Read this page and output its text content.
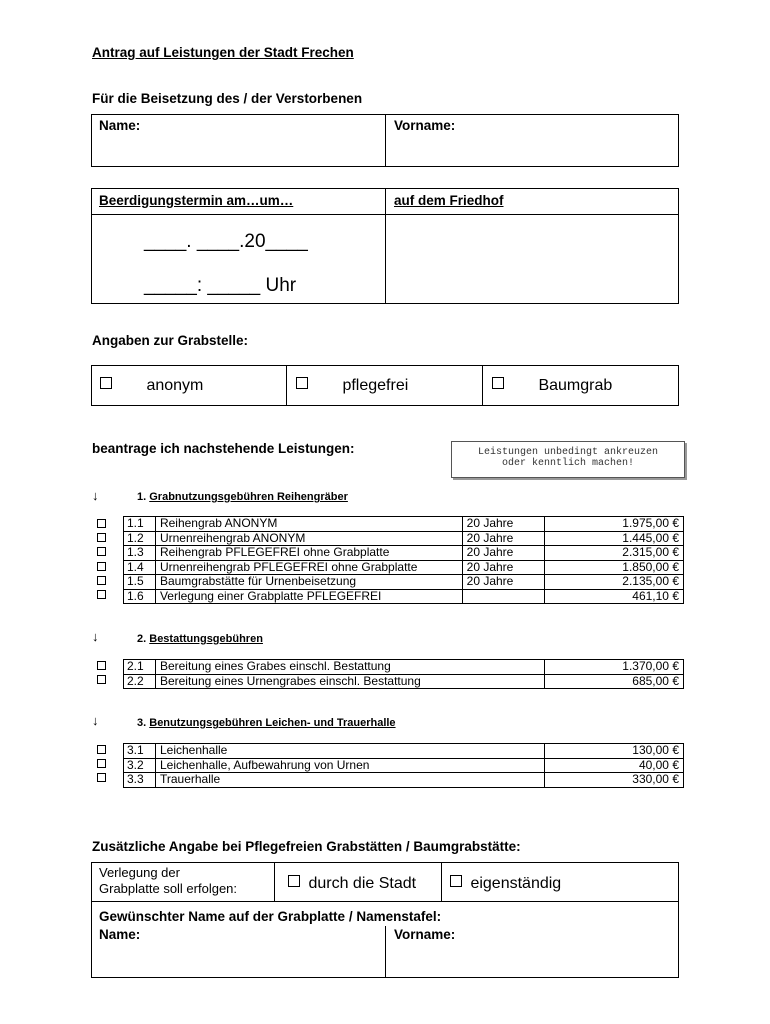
Antrag auf Leistungen der Stadt Frechen
Für die Beisetzung des / der Verstorbenen
Name:	Vorname:
Beerdigungstermin am…um…	auf dem Friedhof
____. ____.20____
_____: _____ Uhr
Angaben zur Grabstelle:
anonym	pflegefrei	Baumgrab
beantrage ich nachstehende Leistungen:	Leistungen unbedingt ankreuzen
oder kenntlich machen!
↓	1. Grabnutzungsgebühren Reihengräber
1.1	Reihengrab ANONYM	20 Jahre	1.975,00 €
1.2	Urnenreihengrab ANONYM	20 Jahre	1.445,00 €
1.3	Reihengrab PFLEGEFREI ohne Grabplatte	20 Jahre	2.315,00 €
1.4	Urnenreihengrab PFLEGEFREI ohne Grabplatte	20 Jahre	1.850,00 €
1.5	Baumgrabstätte für Urnenbeisetzung	20 Jahre	2.135,00 €
1.6	Verlegung einer Grabplatte PFLEGEFREI		461,10 €
↓	2. Bestattungsgebühren
2.1	Bereitung eines Grabes einschl. Bestattung	1.370,00 €
2.2	Bereitung eines Urnengrabes einschl. Bestattung	685,00 €
↓	3. Benutzungsgebühren Leichen- und Trauerhalle
3.1	Leichenhalle	130,00 €
3.2	Leichenhalle, Aufbewahrung von Urnen	40,00 €
3.3	Trauerhalle	330,00 €
Zusätzliche Angabe bei Pflegefreien Grabstätten / Baumgrabstätte:
Verlegung der
Grabplatte soll erfolgen:	durch die Stadt	eigenständig
Gewünschter Name auf der Grabplatte / Namenstafel:
Name:	Vorname:
